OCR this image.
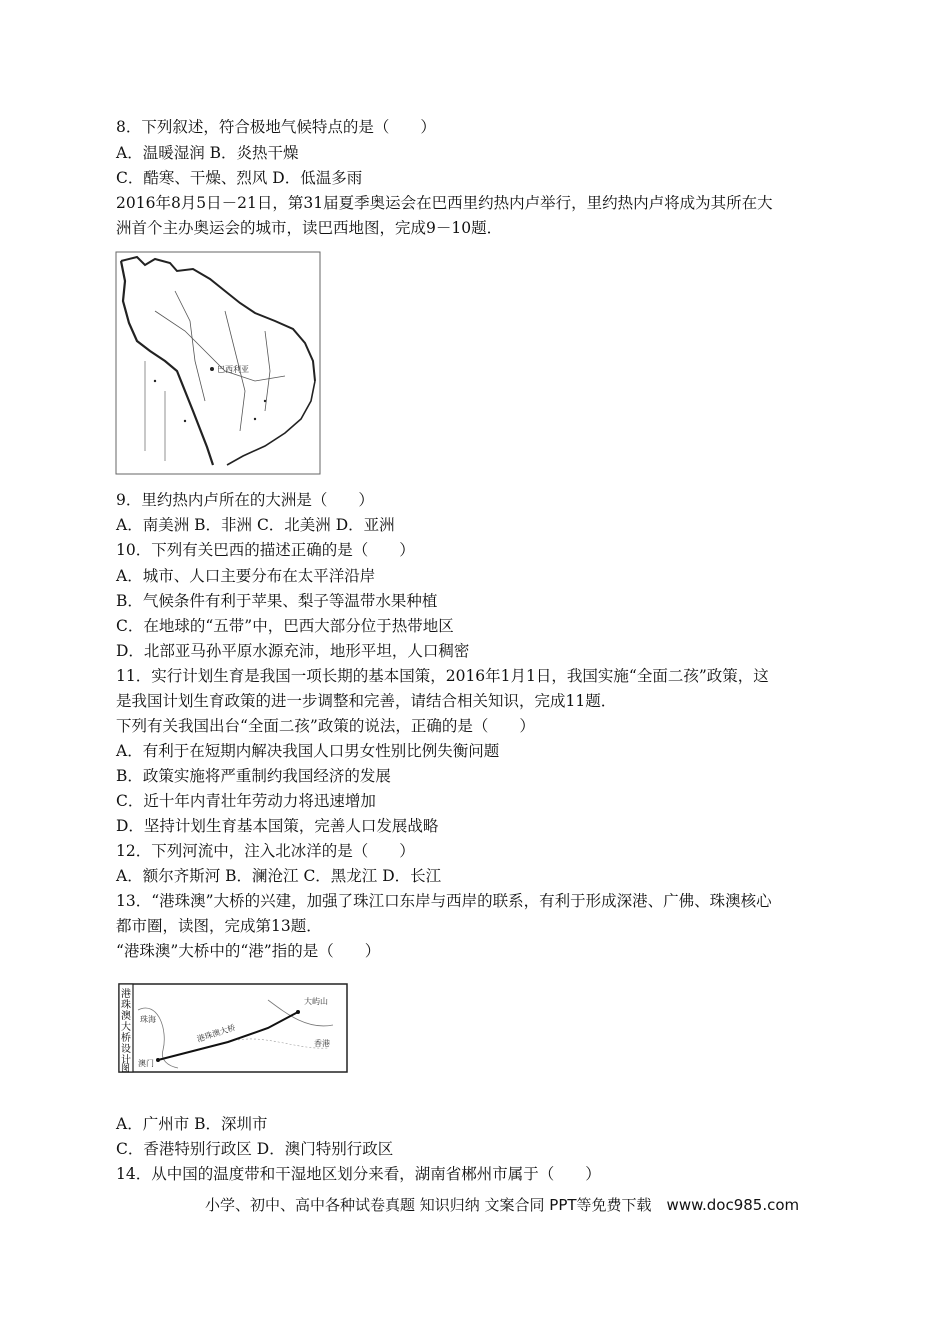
8．下列叙述，符合极地气候特点的是（　　）
A．温暖湿润 B．炎热干燥
C．酷寒、干燥、烈风 D．低温多雨
2016年8月5日－21日，第31届夏季奥运会在巴西里约热内卢举行，里约热内卢将成为其所在大
洲首个主办奥运会的城市，读巴西地图，完成9－10题．
巴西利亚
9．里约热内卢所在的大洲是（　　）
A．南美洲 B．非洲 C．北美洲 D．亚洲
10．下列有关巴西的描述正确的是（　　）
A．城市、人口主要分布在太平洋沿岸
B．气候条件有利于苹果、梨子等温带水果种植
C．在地球的“五带”中，巴西大部分位于热带地区
D．北部亚马孙平原水源充沛，地形平坦，人口稠密
11．实行计划生育是我国一项长期的基本国策，2016年1月1日，我国实施“全面二孩”政策，这
是我国计划生育政策的进一步调整和完善，请结合相关知识，完成11题．
下列有关我国出台“全面二孩”政策的说法，正确的是（　　）
A．有利于在短期内解决我国人口男女性别比例失衡问题
B．政策实施将严重制约我国经济的发展
C．近十年内青壮年劳动力将迅速增加
D．坚持计划生育基本国策，完善人口发展战略
12．下列河流中，注入北冰洋的是（　　）
A．额尔齐斯河 B．澜沧江 C．黑龙江 D．长江
13．“港珠澳”大桥的兴建，加强了珠江口东岸与西岸的联系，有利于形成深港、广佛、珠澳核心
都市圈，读图，完成第13题．
“港珠澳”大桥中的“港”指的是（　　）
港
珠
澳
大
桥
设
计
图
珠海
澳门
港珠澳大桥	香港
大屿山
A．广州市 B．深圳市
C．香港特别行政区 D．澳门特别行政区
14．从中国的温度带和干湿地区划分来看，湖南省郴州市属于（　　）
小学、初中、高中各种试卷真题 知识归纳 文案合同 PPT等免费下载　www.doc985.com
